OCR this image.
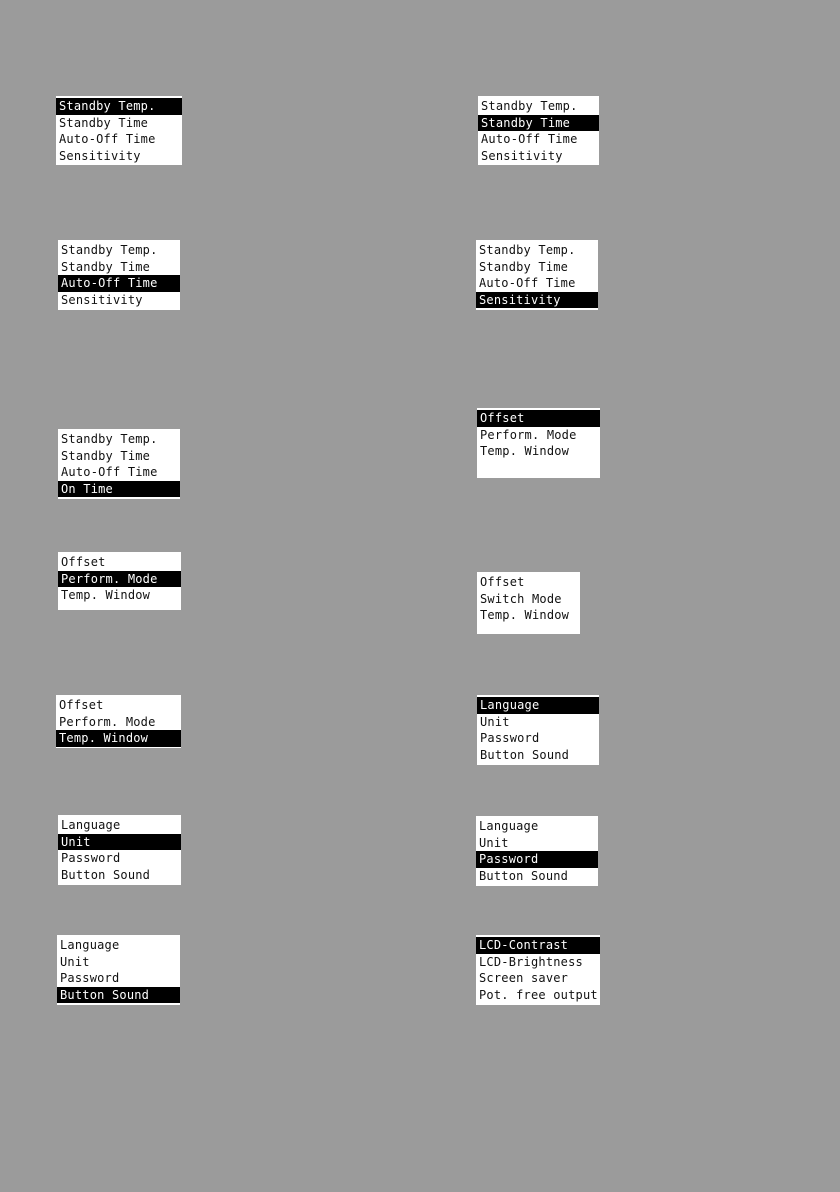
Standby Temp.
Standby Time
Auto-Off Time
Sensitivity
Standby Temp.
Standby Time
Auto-Off Time
Sensitivity
Standby Temp.
Standby Time
Auto-Off Time
Sensitivity
Standby Temp.
Standby Time
Auto-Off Time
Sensitivity
Standby Temp.
Standby Time
Auto-Off Time
On Time
Offset
Perform. Mode
Temp. Window
Offset
Perform. Mode
Temp. Window
Offset
Switch Mode
Temp. Window
Offset
Perform. Mode
Temp. Window
Language
Unit
Password
Button Sound
Language
Unit
Password
Button Sound
Language
Unit
Password
Button Sound
Language
Unit
Password
Button Sound
LCD-Contrast
LCD-Brightness
Screen saver
Pot. free output
